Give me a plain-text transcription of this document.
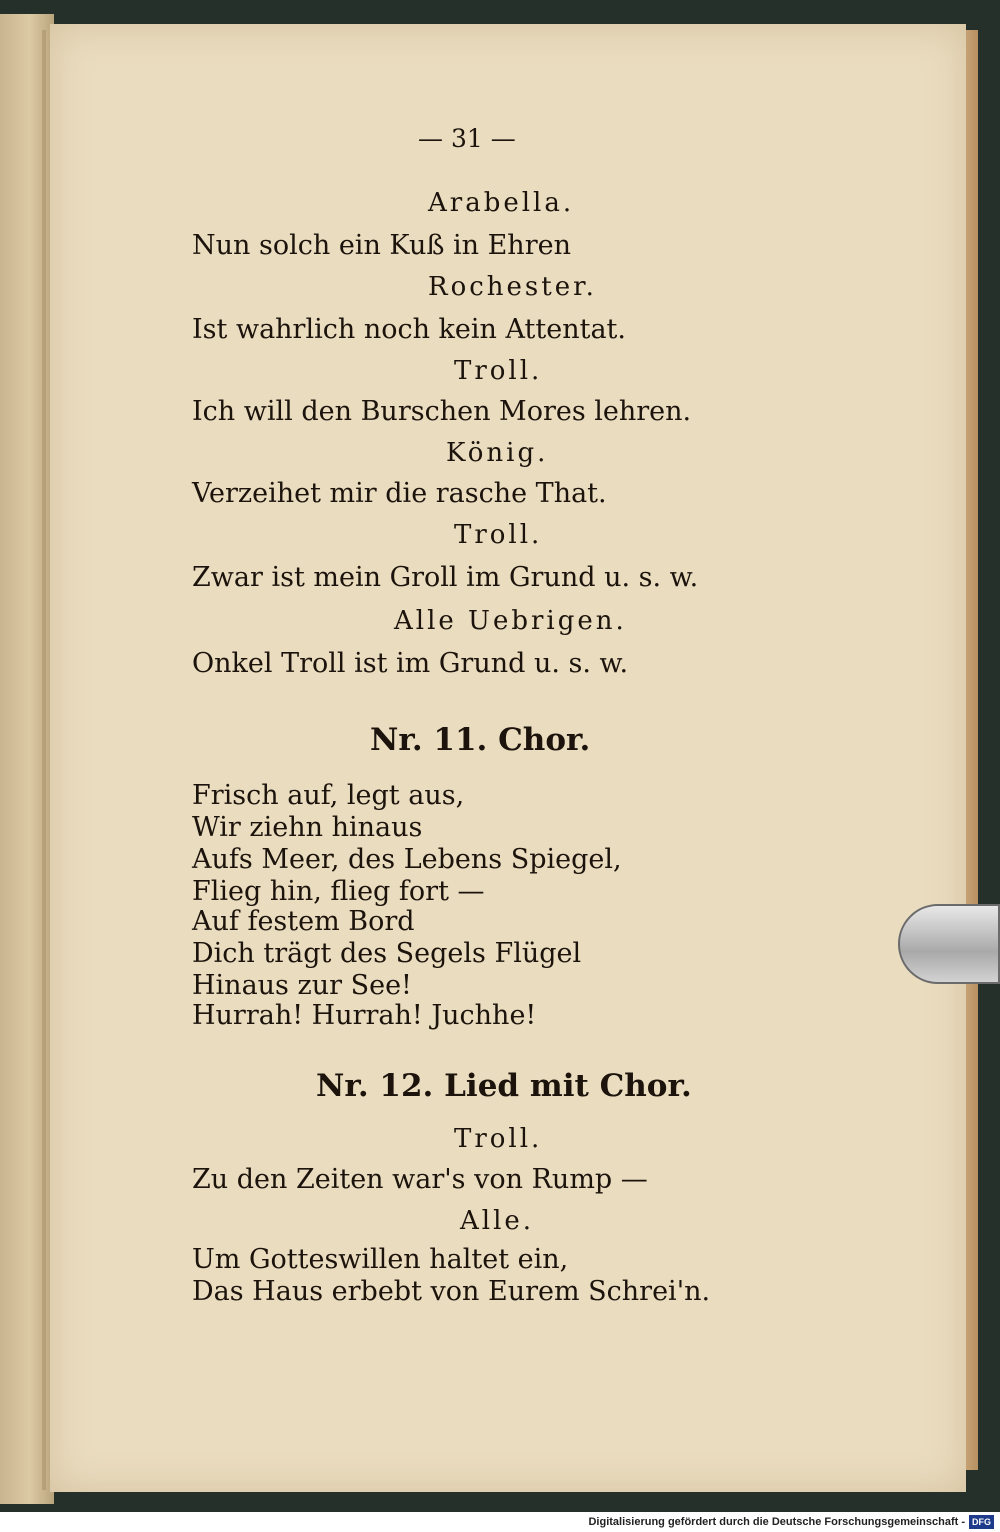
— 31 —
Arabella.
Nun solch ein Kuß in Ehren
Rochester.
Ist wahrlich noch kein Attentat.
Troll.
Ich will den Burschen Mores lehren.
König.
Verzeihet mir die rasche That.
Troll.
Zwar ist mein Groll im Grund u. s. w.
Alle Uebrigen.
Onkel Troll ist im Grund u. s. w.
Nr. 11. Chor.
Frisch auf, legt aus,
Wir ziehn hinaus
Aufs Meer, des Lebens Spiegel,
Flieg hin, flieg fort —
Auf festem Bord
Dich trägt des Segels Flügel
Hinaus zur See!
Hurrah! Hurrah! Juchhe!
Nr. 12. Lied mit Chor.
Troll.
Zu den Zeiten war's von Rump —
Alle.
Um Gotteswillen haltet ein,
Das Haus erbebt von Eurem Schrei'n.
Digitalisierung gefördert durch die Deutsche Forschungsgemeinschaft - DFG
